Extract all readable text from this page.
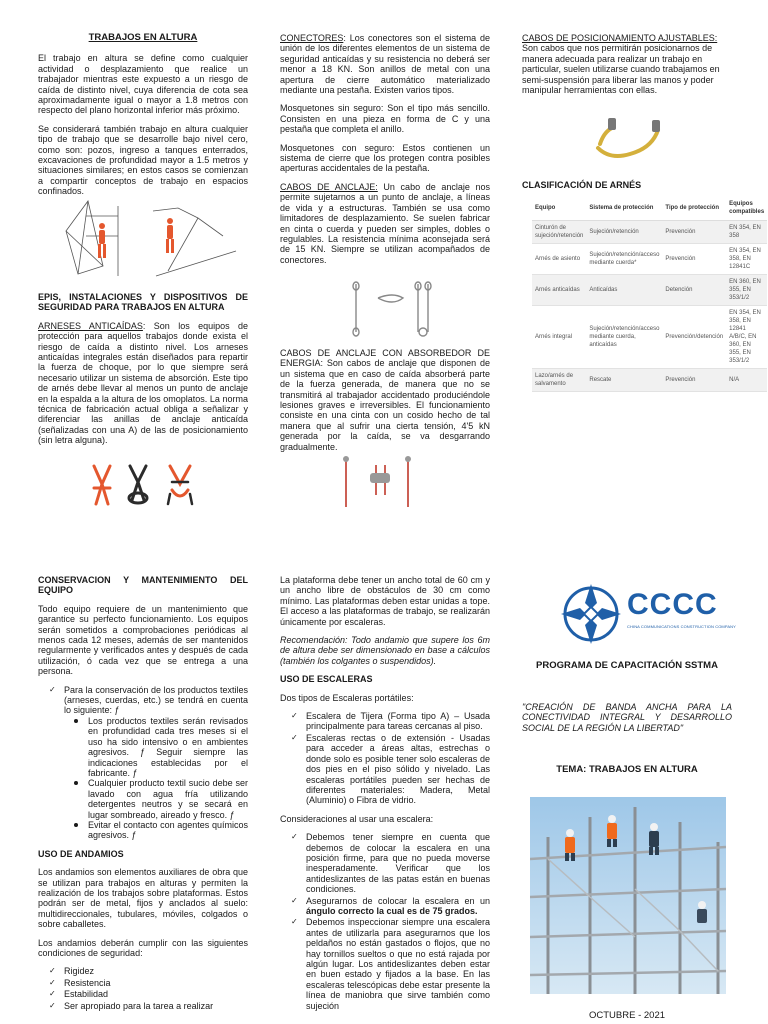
TRABAJOS EN ALTURA

El trabajo en altura se define como cualquier actividad o desplazamiento que realice un trabajador mientras este expuesto a un riesgo de caída de distinto nivel, cuya diferencia de cota sea aproximadamente igual o mayor a 1.8 metros con respecto del plano horizontal inferior más próximo.

Se considerará también trabajo en altura cualquier tipo de trabajo que se desarrolle bajo nivel cero, como son: pozos, ingreso a tanques enterrados, excavaciones de profundidad mayor a 1.5 metros y situaciones similares; en estos casos se comienzan a compartir conceptos de trabajo en espacios confinados.

EPIS, INSTALACIONES Y DISPOSITIVOS DE SEGURIDAD PARA TRABAJOS EN ALTURA

ARNESES ANTICAÍDAS: Son los equipos de protección para aquellos trabajos donde exista el riesgo de caída a distinto nivel. Los arneses anticaídas integrales están diseñados para repartir la fuerza de choque, por lo que siempre será necesario utilizar un sistema de absorción. Este tipo de arnés debe llevar al menos un punto de anclaje en la espalda a la altura de los omoplatos. La norma técnica de fabricación actual obliga a señalizar y diferenciar las anillas de anclaje anticaída (señalizadas con una A) de las de posicionamiento (sin letra alguna).

CONECTORES: Los conectores son el sistema de unión de los diferentes elementos de un sistema de seguridad anticaídas y su resistencia no deberá ser menor a 18 KN. Son anillos de metal con una apertura de cierre automático materializado mediante una pestaña. Existen varios tipos.

Mosquetones sin seguro: Son el tipo más sencillo. Consisten en una pieza en forma de C y una pestaña que completa el anillo.

Mosquetones con seguro: Estos contienen un sistema de cierre que los protegen contra posibles aperturas accidentales de la pestaña.

CABOS DE ANCLAJE: Un cabo de anclaje nos permite sujetarnos a un punto de anclaje, a líneas de vida y a estructuras. También se usa como limitadores de desplazamiento. Se suelen fabricar en cinta o cuerda y pueden ser simples, dobles o regulables. La resistencia mínima aconsejada será de 15 KN. Siempre se utilizan acompañados de conectores.

CABOS DE ANCLAJE CON ABSORBEDOR DE ENERGIA: Son cabos de anclaje que disponen de un sistema que en caso de caída absorberá parte de la fuerza generada, de manera que no se transmitirá al trabajador accidentado produciéndole lesiones graves e irreversibles. El funcionamiento consiste en una cinta con un cosido hecho de tal manera que al sufrir una cierta tensión, 4'5 kN generada por la caída, se va desgarrando gradualmente.

CABOS DE POSICIONAMIENTO AJUSTABLES: Son cabos que nos permitirán posicionarnos de manera adecuada para realizar un trabajo en particular, suelen utilizarse cuando trabajamos en semi-suspensión para liberar las manos y poder manipular herramientas con ellas.

CLASIFICACIÓN DE ARNÉS
Equipo	Sistema de protección	Tipo de protección	Equipos compatibles
Cinturón de sujeción/retención	Sujeción/retención	Prevención	EN 354, EN 358
Arnés de asiento	Sujeción/retención/acceso mediante cuerda*	Prevención	EN 354, EN 358, EN 12841C
Arnés anticaídas	Anticaídas	Detención	EN 360, EN 355, EN 353/1/2
Arnés integral	Sujeción/retención/acceso mediante cuerda, anticaídas	Prevención/detención	EN 354, EN 358, EN 12841 A/B/C, EN 360, EN 355, EN 353/1/2
Lazo/arnés de salvamento	Rescate	Prevención	N/A
CONSERVACION Y MANTENIMIENTO DEL EQUIPO

Todo equipo requiere de un mantenimiento que garantice su perfecto funcionamiento. Los equipos serán sometidos a comprobaciones periódicas al menos cada 12 meses, además de ser mantenidos regularmente y verificados antes y después de cada utilización, ó cada vez que se entrega a una persona.

✓ Para la conservación de los productos textiles (arneses, cuerdas, etc.) se tendrá en cuenta lo siguiente: ƒ
Los productos textiles serán revisados en profundidad cada tres meses si el uso ha sido intensivo o en ambientes agresivos. ƒ Seguir siempre las indicaciones establecidas por el fabricante. ƒ
Cualquier producto textil sucio debe ser lavado con agua fría utilizando detergentes neutros y se secará en lugar sombreado, aireado y fresco. ƒ
Evitar el contacto con agentes químicos agresivos. ƒ
USO DE ANDAMIOS

Los andamios son elementos auxiliares de obra que se utilizan para trabajos en alturas y permiten la realización de los trabajos sobre plataformas. Estos podrán ser de metal, fijos y anclados al suelo: multidireccionales, tubulares, móviles, colgados o sobre caballetes.

Los andamios deberán cumplir con las siguientes condiciones de seguridad:

✓ Rigidez
✓ Resistencia
✓ Estabilidad
✓ Ser apropiado para la tarea a realizar

La plataforma debe tener un ancho total de 60 cm y un ancho libre de obstáculos de 30 cm como mínimo. Las plataformas deben estar unidas a tope. El acceso a las plataformas de trabajo, se realizarán únicamente por escaleras.

Recomendación: Todo andamio que supere los 6m de altura debe ser dimensionado en base a cálculos (también los colgantes o suspendidos).

USO DE ESCALERAS

Dos tipos de Escaleras portátiles:

✓ Escalera de Tijera (Forma tipo A) – Usada principalmente para tareas cercanas al piso.
✓ Escaleras rectas o de extensión - Usadas para acceder a áreas altas, estrechas o donde solo es posible tener solo escaleras de dos pies en el piso sólido y nivelado. Las escaleras portátiles pueden ser hechas de diferentes materiales: Madera, Metal (Aluminio) o Fibra de vidrio.

Consideraciones al usar una escalera:

✓ Debemos tener siempre en cuenta que debemos de colocar la escalera en una posición firme, para que no pueda moverse inesperadamente. Verificar que los antideslizantes de las patas están en buenas condiciones.
✓ Asegurarnos de colocar la escalera en un ángulo correcto la cual es de 75 grados.
✓ Debemos inspeccionar siempre una escalera antes de utilizarla para asegurarnos que los peldaños no están gastados o flojos, que no hay tornillos sueltos o que no está rajada por algún lugar. Los antideslizantes deben estar en buen estado y fijados a la base. En las escaleras telescópicas debe estar presente la línea de maniobra que sirve también como sujeción
CCCC
CHINA COMMUNICATIONS CONSTRUCTION COMPANY
PROGRAMA DE CAPACITACIÓN SSTMA
"CREACIÓN DE BANDA ANCHA PARA LA CONECTIVIDAD INTEGRAL Y DESARROLLO SOCIAL DE LA REGIÓN LA LIBERTAD"
TEMA: TRABAJOS EN ALTURA
OCTUBRE - 2021
